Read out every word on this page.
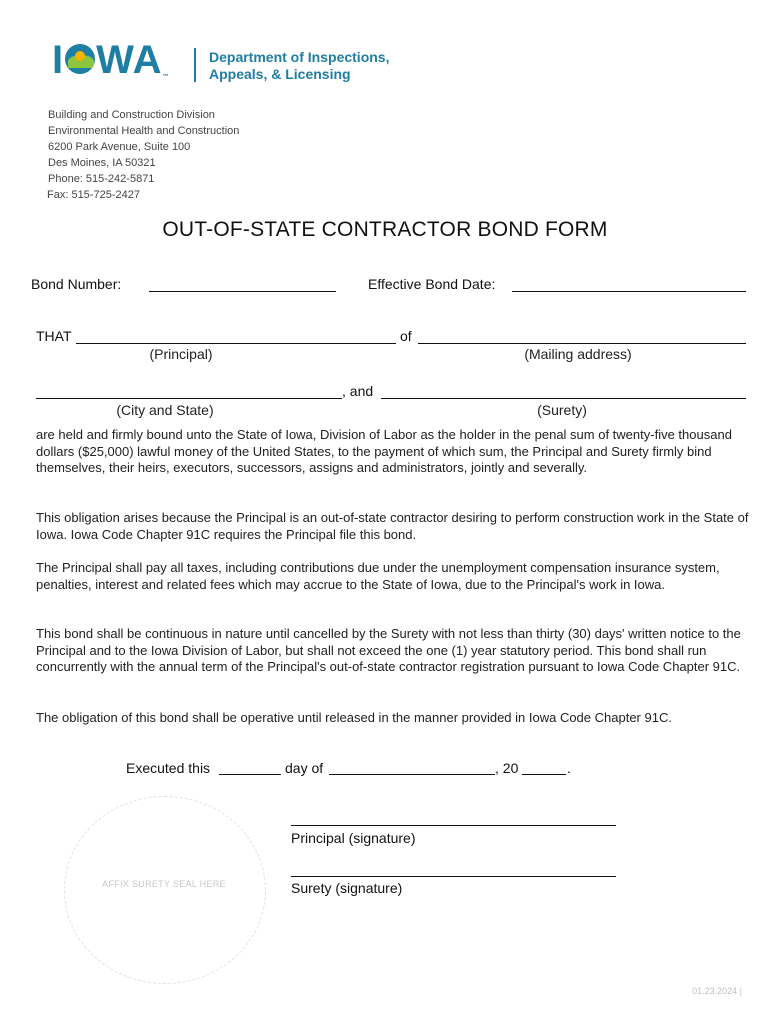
I WA™
Department of Inspections,
Appeals, & Licensing
Building and Construction Division
Environmental Health and Construction
6200 Park Avenue, Suite 100
Des Moines, IA 50321
Phone: 515-242-5871
Fax: 515-725-2427
OUT-OF-STATE CONTRACTOR BOND FORM
Bond Number:	Effective Bond Date:
THAT	of
(Principal)	(Mailing address)
, and
(City and State)	(Surety)

are held and firmly bound unto the State of Iowa, Division of Labor as the holder in the penal sum of twenty-five thousand dollars ($25,000) lawful money of the United States, to the payment of which sum, the Principal and Surety firmly bind themselves, their heirs, executors, successors, assigns and administrators, jointly and severally.

This obligation arises because the Principal is an out-of-state contractor desiring to perform construction work in the State of Iowa. Iowa Code Chapter 91C requires the Principal file this bond.

The Principal shall pay all taxes, including contributions due under the unemployment compensation insurance system, penalties, interest and related fees which may accrue to the State of Iowa, due to the Principal's work in Iowa.

This bond shall be continuous in nature until cancelled by the Surety with not less than thirty (30) days' written notice to the Principal and to the Iowa Division of Labor, but shall not exceed the one (1) year statutory period. This bond shall run concurrently with the annual term of the Principal's out-of-state contractor registration pursuant to Iowa Code Chapter 91C.

The obligation of this bond shall be operative until released in the manner provided in Iowa Code Chapter 91C.

Executed this	day of	, 20	.
Principal (signature)
Surety (signature)
AFFIX SURETY SEAL HERE
01.23.2024 |
